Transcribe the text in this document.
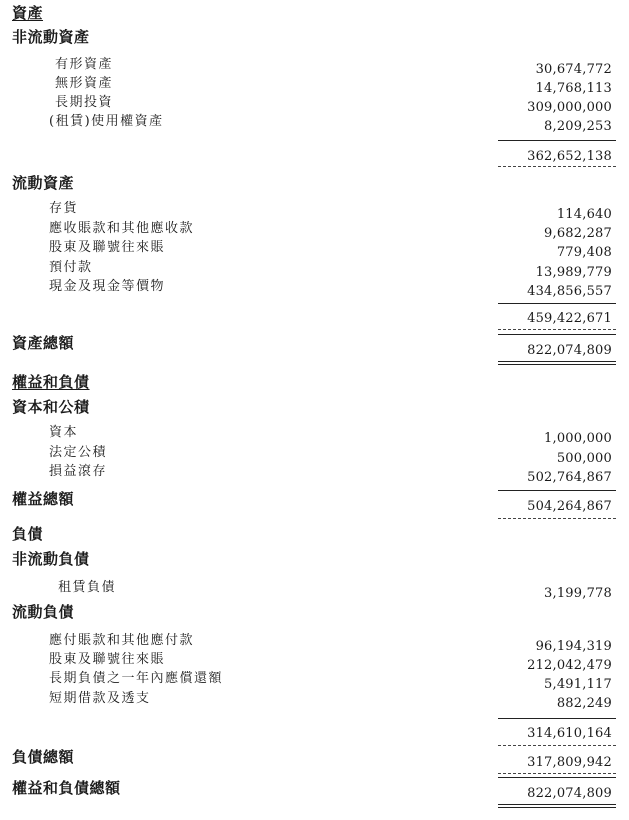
資產
非流動資產
有形資產	30,674,772
無形資產	14,768,113
長期投資	309,000,000
(租賃)使用權資產	8,209,253
362,652,138
流動資產
存貨	114,640
應收賬款和其他應收款	9,682,287
股東及聯號往來賬	779,408
預付款	13,989,779
現金及現金等價物	434,856,557
459,422,671
資產總額	822,074,809
權益和負債
資本和公積
資本	1,000,000
法定公積	500,000
損益滾存	502,764,867
權益總額	504,264,867
負債
非流動負債
租賃負債	3,199,778
流動負債
應付賬款和其他應付款	96,194,319
股東及聯號往來賬	212,042,479
長期負債之一年內應償還額	5,491,117
短期借款及透支	882,249
314,610,164
負債總額	317,809,942
權益和負債總額	822,074,809
